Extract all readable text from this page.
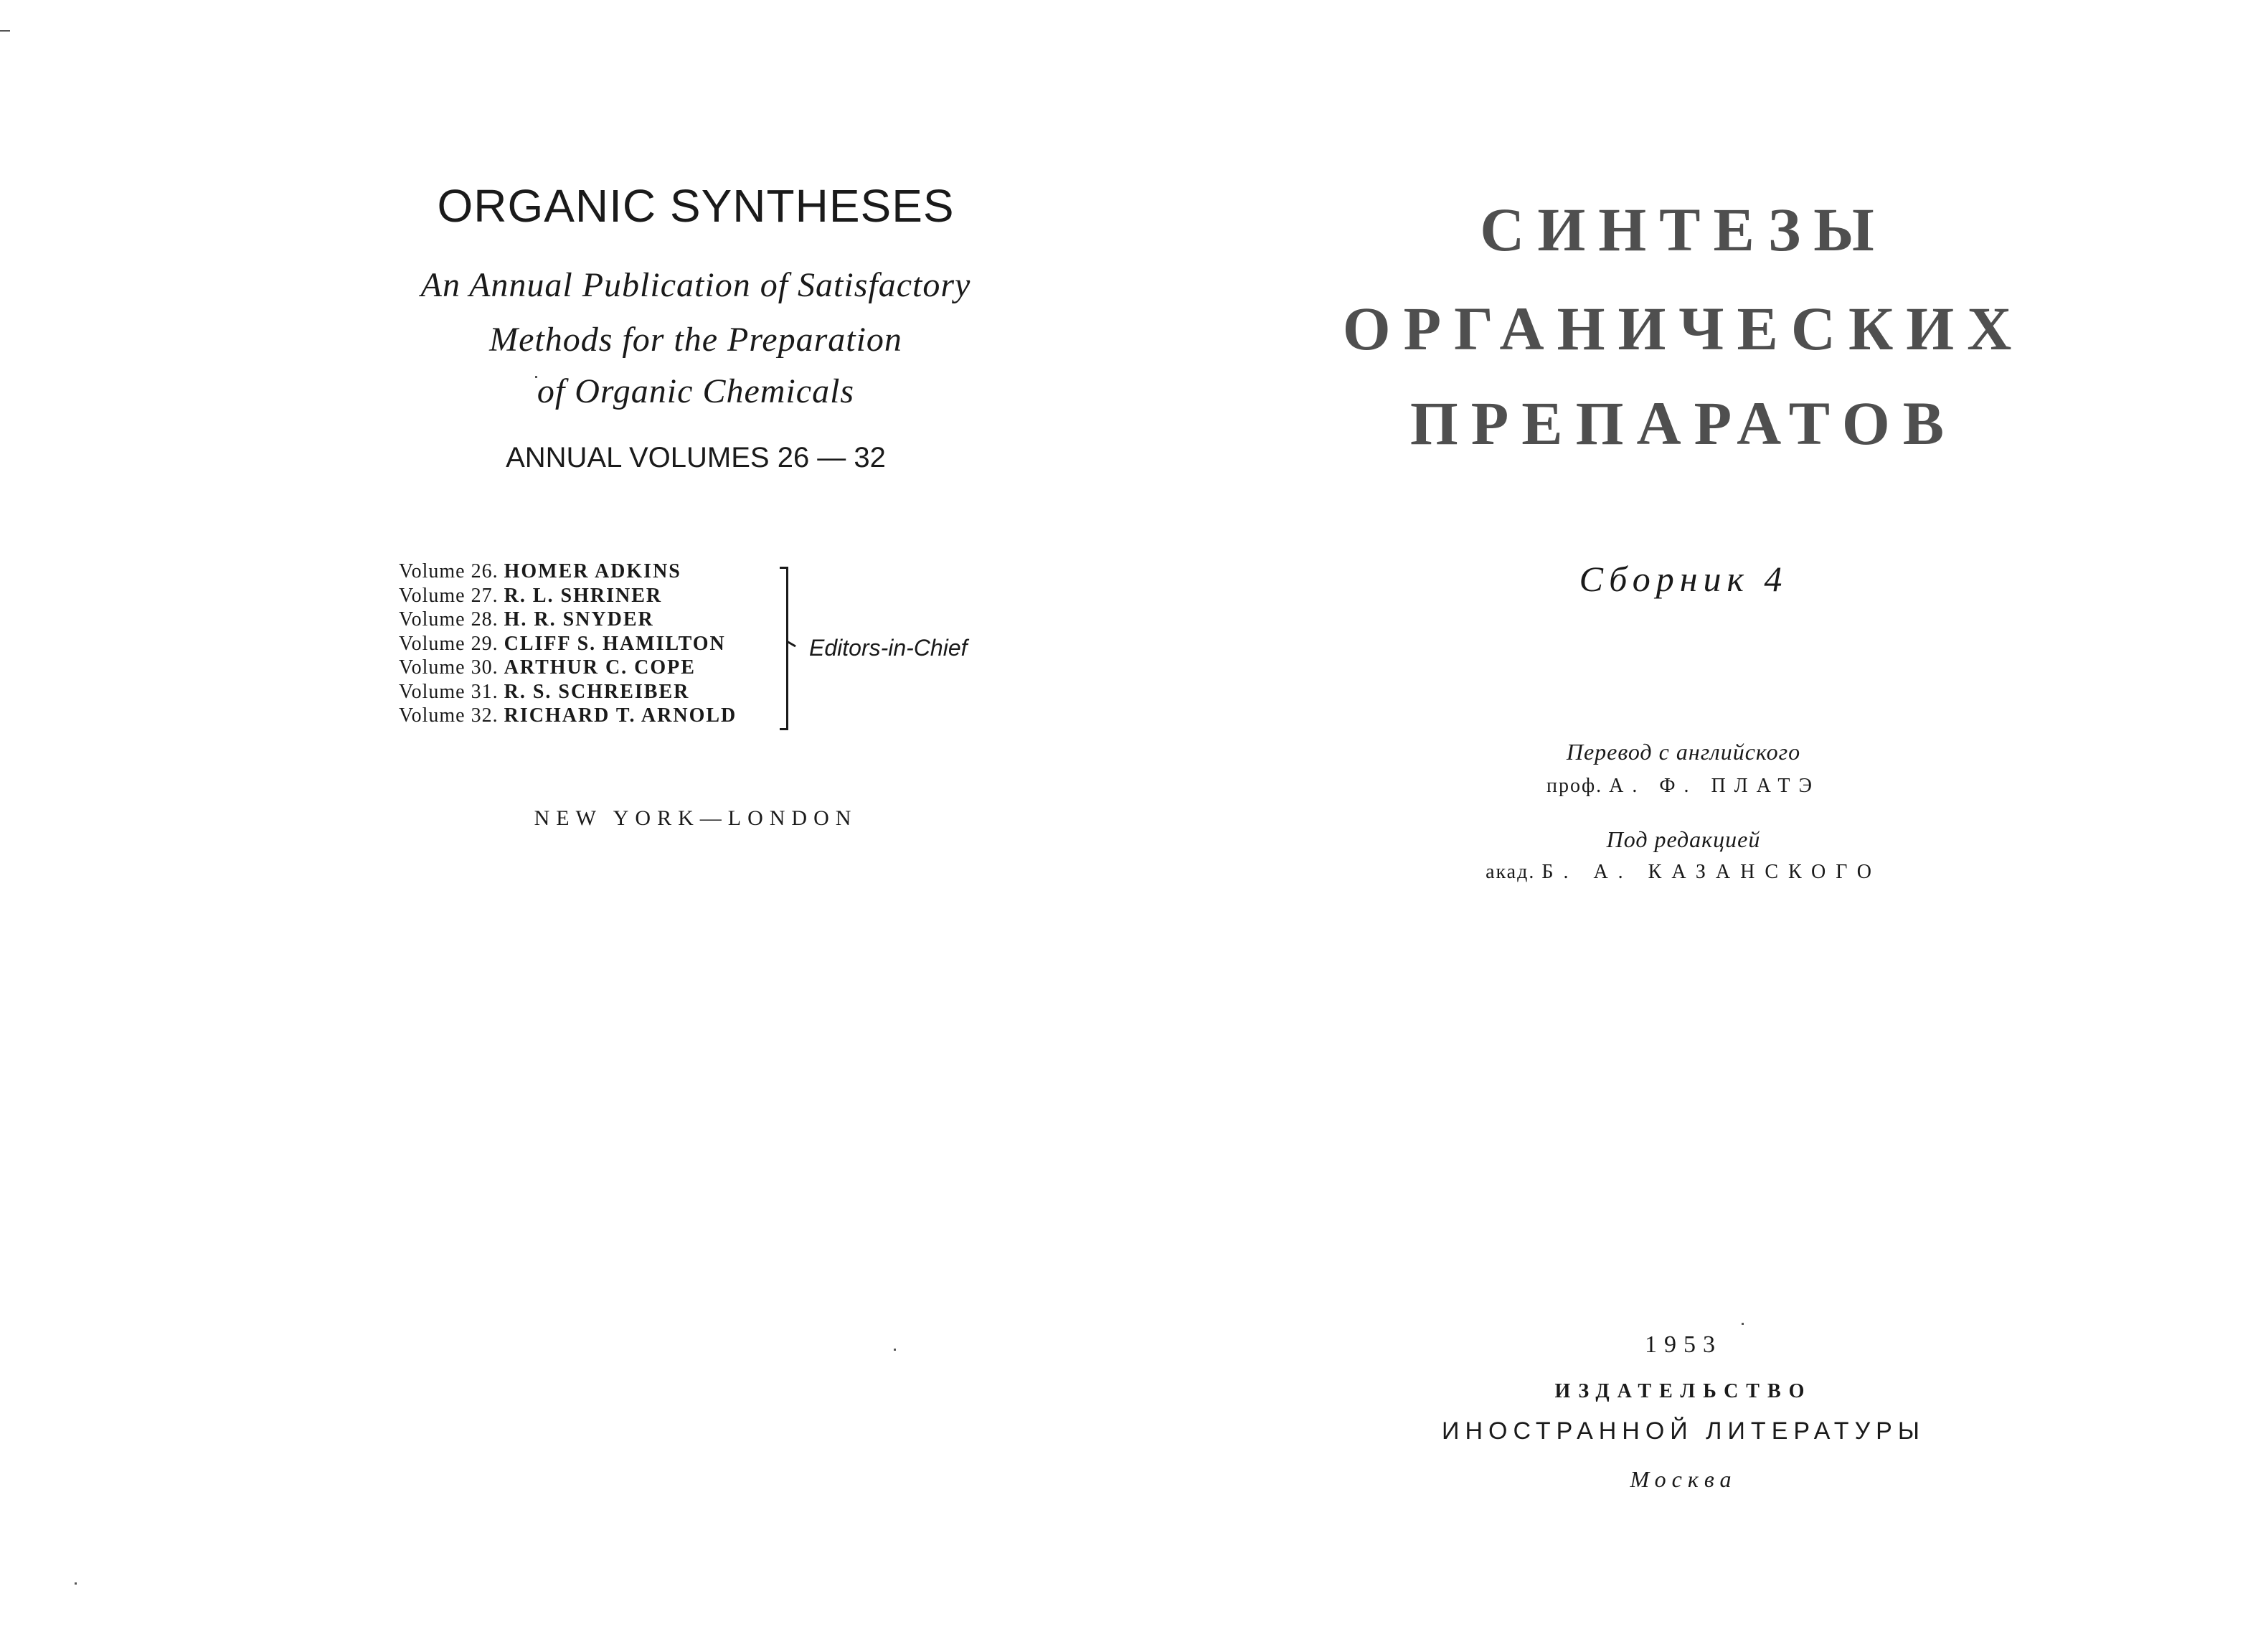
ORGANIC SYNTHESES
An Annual Publication of Satisfactory
Methods for the Preparation
of Organic Chemicals
ANNUAL VOLUMES 26 — 32
Volume 26. HOMER ADKINS
Volume 27. R. L. SHRINER
Volume 28. H. R. SNYDER
Volume 29. CLIFF S. HAMILTON
Volume 30. ARTHUR C. COPE
Volume 31. R. S. SCHREIBER
Volume 32. RICHARD T. ARNOLD
Editors-in-Chief
NEW YORK—LONDON
СИНТЕЗЫ
ОРГАНИЧЕСКИХ
ПРЕПАРАТОВ
Сборник 4
Перевод с английского
проф. А. Ф. ПЛАТЭ
Под редакцией
акад. Б. А. КАЗАНСКОГО
1953
ИЗДАТЕЛЬСТВО
ИНОСТРАННОЙ ЛИТЕРАТУРЫ
Москва
